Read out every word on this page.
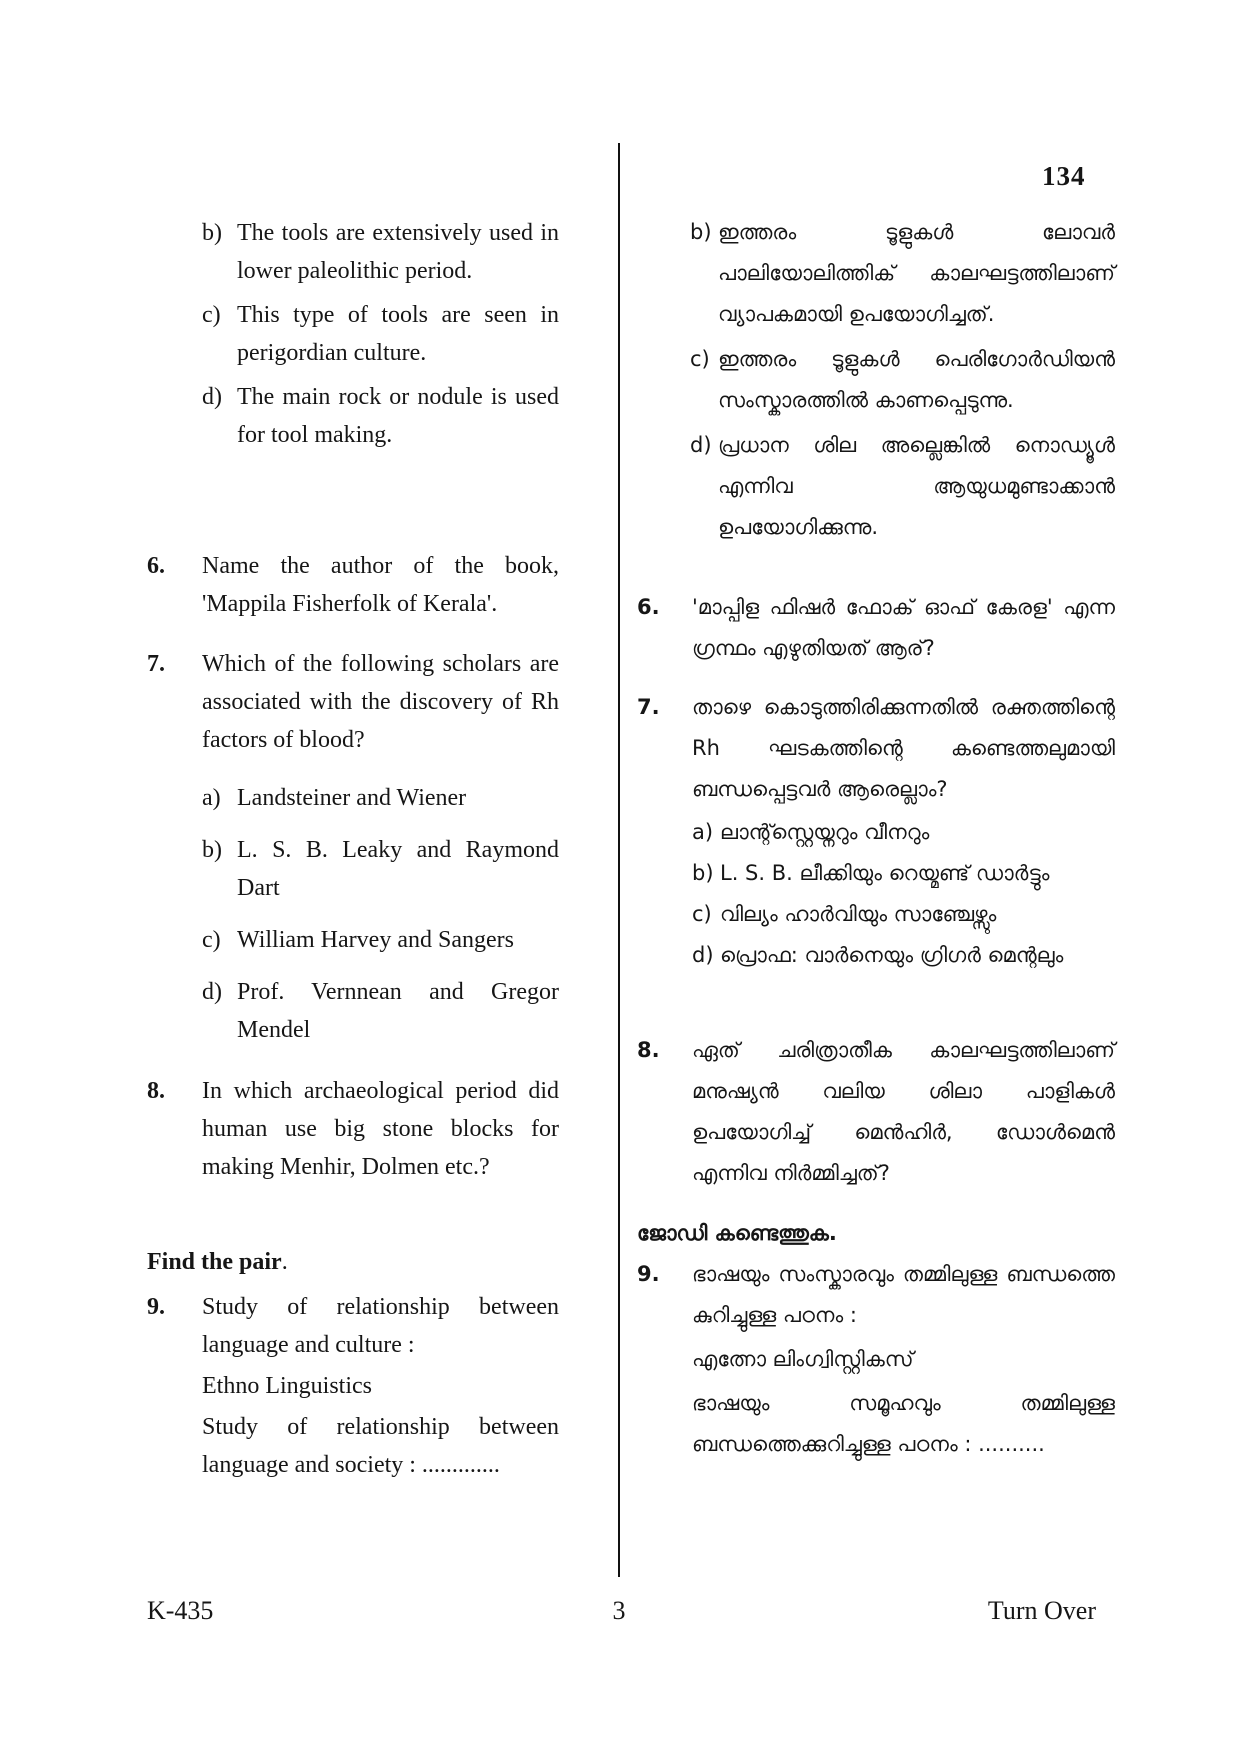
134
b) The tools are extensively used in lower paleolithic period.
c) This type of tools are seen in perigordian culture.
d) The main rock or nodule is used for tool making.
6.	Name the author of the book, 'Mappila Fisherfolk of Kerala'.
7.	Which of the following scholars are associated with the discovery of Rh factors of blood?
a) Landsteiner and Wiener
b) L. S. B. Leaky and Raymond Dart
c) William Harvey and Sangers
d) Prof. Vernnean and Gregor Mendel
8.	In which archaeological period did human use big stone blocks for making Menhir, Dolmen etc.?
Find the pair.
9.	Study of relationship between language and culture :
Ethno Linguistics
Study of relationship between language and society : .............
b) ഇത്തരം ടൂളുകൾ ലോവർ പാലിയോലിത്തിക് കാലഘട്ടത്തിലാണ് വ്യാപകമായി ഉപയോഗിച്ചത്.
c) ഇത്തരം ടൂളുകൾ പെരിഗോർഡിയൻ സംസ്കാരത്തിൽ കാണപ്പെടുന്നു.
d) പ്രധാന ശില അല്ലെങ്കിൽ നൊഡ്യൂൾ എന്നിവ ആയുധമുണ്ടാക്കാൻ ഉപയോഗിക്കുന്നു.
6.	'മാപ്പിള ഫിഷർ ഫോക് ഓഫ് കേരള' എന്ന ഗ്രന്ഥം എഴുതിയത് ആര്?
7.	താഴെ കൊടുത്തിരിക്കുന്നതിൽ രക്തത്തിന്റെ Rh ഘടകത്തിന്റെ കണ്ടെത്തലുമായി ബന്ധപ്പെട്ടവർ ആരെല്ലാം?
a) ലാന്റ്സ്റ്റെയ്നറും വീനറും
b) L. S. B. ലീക്കിയും റെയ്മണ്ട് ഡാർട്ടും
c) വില്യം ഹാർവിയും സാഞ്ചേഴ്സും
d) പ്രൊഫ: വാർനെയും ഗ്രിഗർ മെന്റലും
8.	ഏത് ചരിത്രാതീക കാലഘട്ടത്തിലാണ് മനുഷ്യൻ വലിയ ശിലാ പാളികൾ ഉപയോഗിച്ച് മെൻഹിർ, ഡോൾമെൻ എന്നിവ നിർമ്മിച്ചത്?
ജോഡി കണ്ടെത്തുക.
9.	ഭാഷയും സംസ്കാരവും തമ്മിലുള്ള ബന്ധത്തെ കുറിച്ചുള്ള പഠനം :
എത്നോ ലിംഗ്വിസ്റ്റികസ്
ഭാഷയും സമൂഹവും തമ്മിലുള്ള ബന്ധത്തെക്കുറിച്ചുള്ള പഠനം : ..........
K-435	3	Turn Over
